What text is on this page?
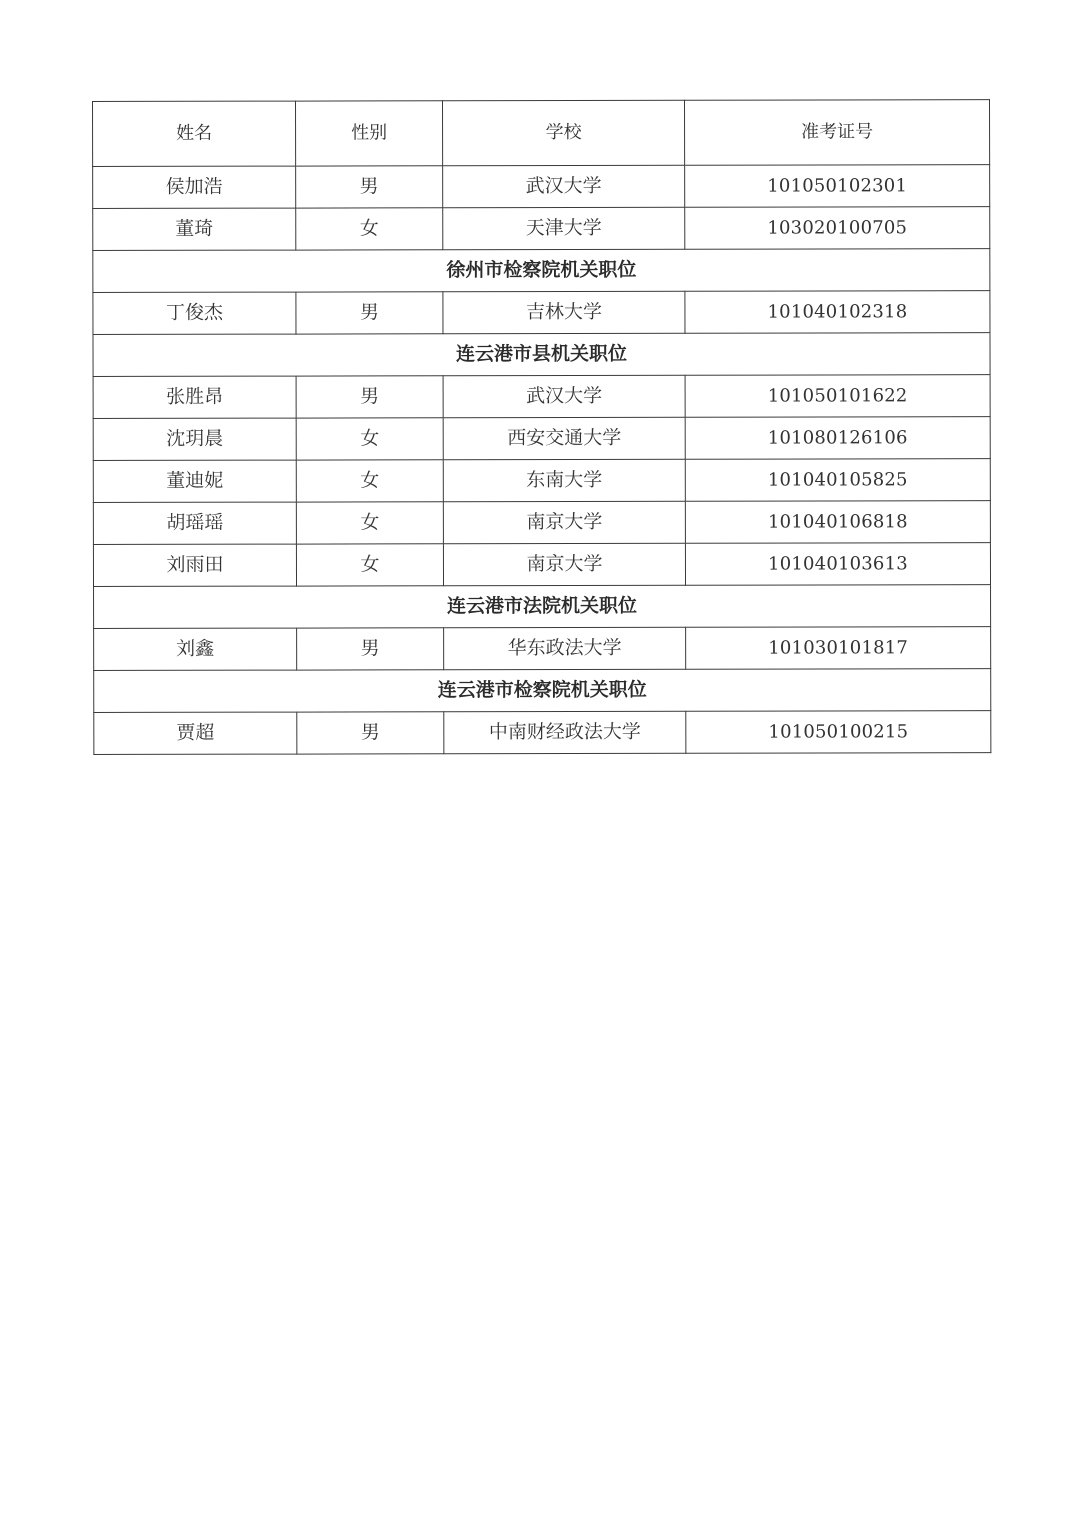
姓名	性别	学校	准考证号
侯加浩	男	武汉大学	101050102301
董琦	女	天津大学	103020100705
徐州市检察院机关职位			
丁俊杰	男	吉林大学	101040102318
连云港市县机关职位			
张胜昂	男	武汉大学	101050101622
沈玥晨	女	西安交通大学	101080126106
董迪妮	女	东南大学	101040105825
胡瑶瑶	女	南京大学	101040106818
刘雨田	女	南京大学	101040103613
连云港市法院机关职位			
刘鑫	男	华东政法大学	101030101817
连云港市检察院机关职位			
贾超	男	中南财经政法大学	101050100215
